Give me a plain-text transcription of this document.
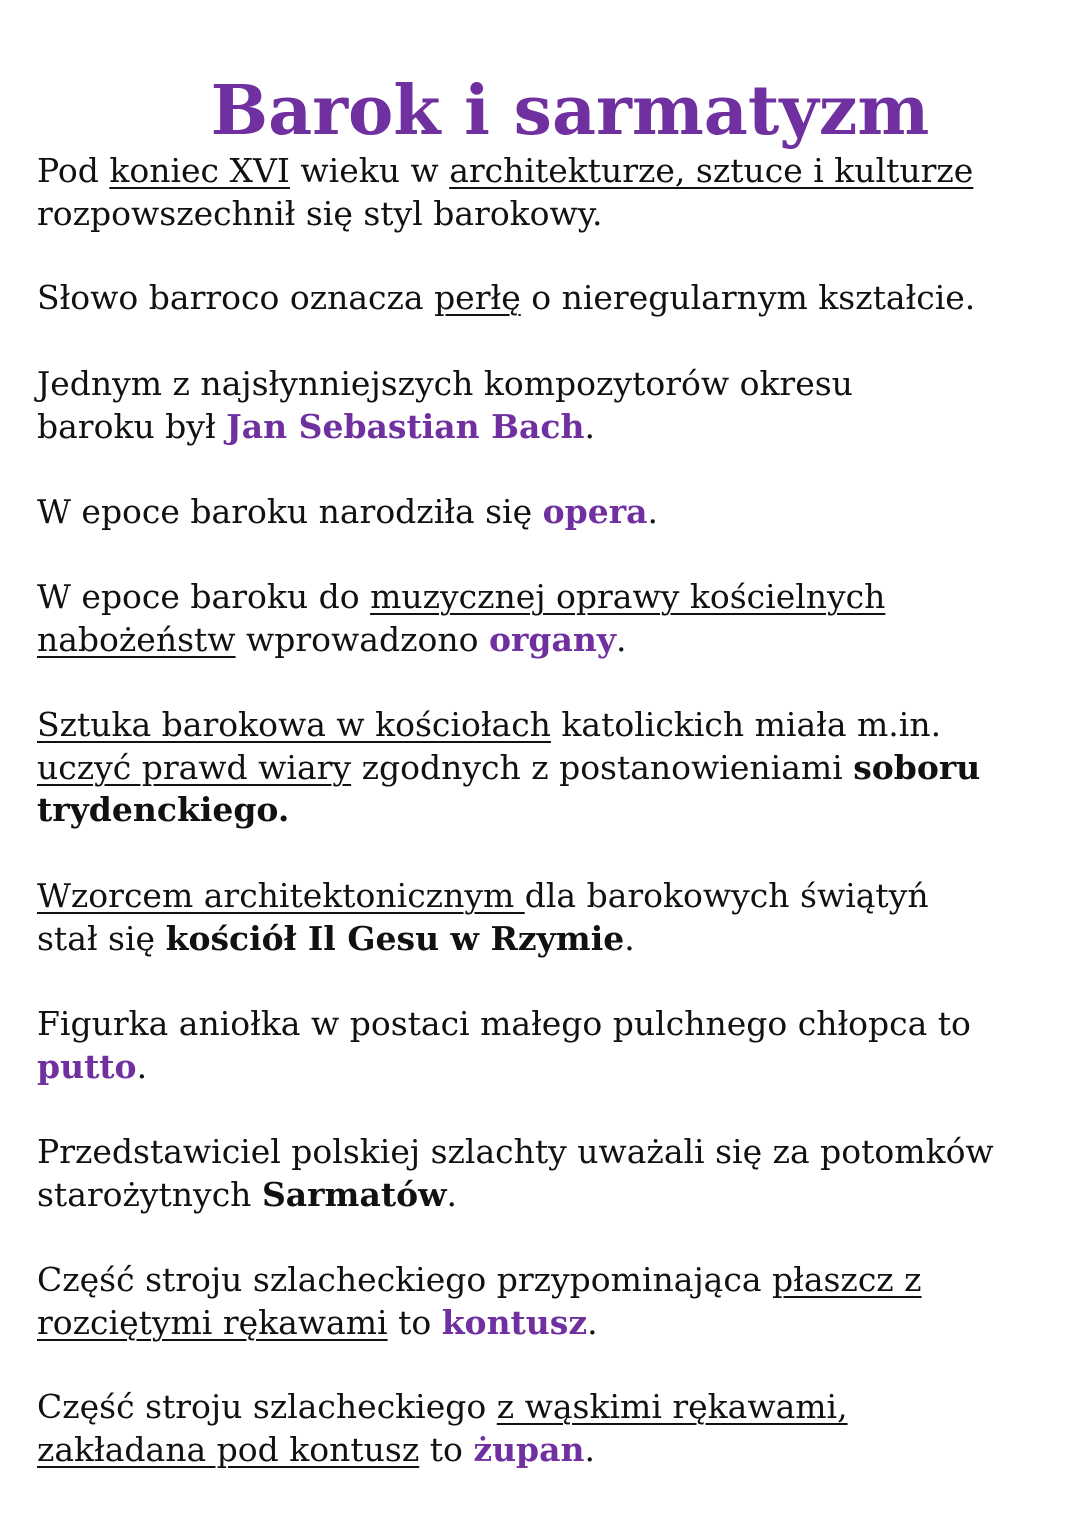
Barok i sarmatyzm

Pod koniec XVI wieku w architekturze, sztuce i kulturze
rozpowszechnił się styl barokowy.

Słowo barroco oznacza perłę o nieregularnym kształcie.

Jednym z najsłynniejszych kompozytorów okresu
baroku był Jan Sebastian Bach.

W epoce baroku narodziła się opera.

W epoce baroku do muzycznej oprawy kościelnych
nabożeństw wprowadzono organy.

Sztuka barokowa w kościołach katolickich miała m.in.
uczyć prawd wiary zgodnych z postanowieniami soboru
trydenckiego.

Wzorcem architektonicznym dla barokowych świątyń
stał się kościół Il Gesu w Rzymie.

Figurka aniołka w postaci małego pulchnego chłopca to
putto.

Przedstawiciel polskiej szlachty uważali się za potomków
starożytnych Sarmatów.

Część stroju szlacheckiego przypominająca płaszcz z
rozciętymi rękawami to kontusz.

Część stroju szlacheckiego z wąskimi rękawami,
zakładana pod kontusz to żupan.
